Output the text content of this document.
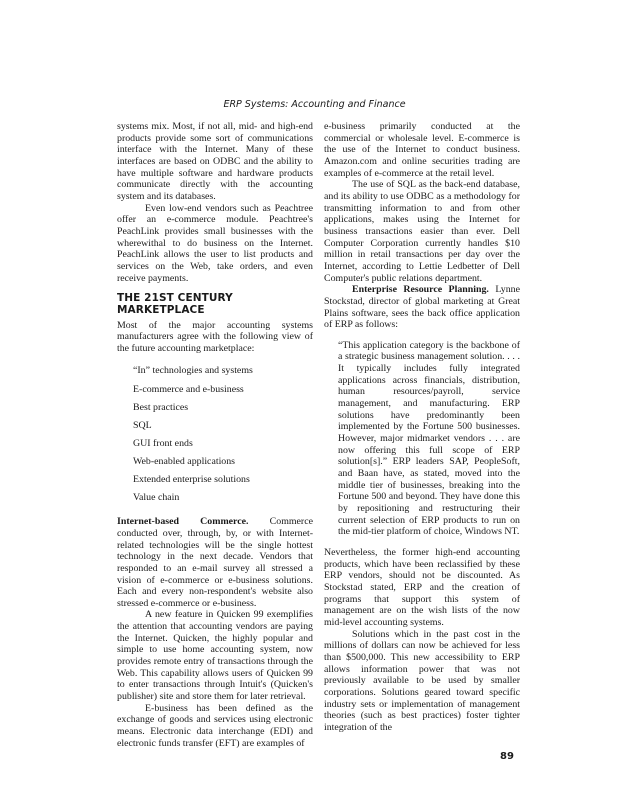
ERP Systems: Accounting and Finance

systems mix. Most, if not all, mid- and high-end products provide some sort of communications interface with the Internet. Many of these interfaces are based on ODBC and the ability to have multiple software and hardware products communicate directly with the accounting system and its databases.

Even low-end vendors such as Peachtree offer an e-commerce module. Peachtree's PeachLink provides small businesses with the wherewithal to do business on the Internet. PeachLink allows the user to list products and services on the Web, take orders, and even receive payments.

THE 21ST CENTURY MARKETPLACE

Most of the major accounting systems manufacturers agree with the following view of the future accounting marketplace:

“In” technologies and systems
E-commerce and e-business
Best practices
SQL
GUI front ends
Web-enabled applications
Extended enterprise solutions
Value chain

Internet-based Commerce. Commerce conducted over, through, by, or with Internet-related technologies will be the single hottest technology in the next decade. Vendors that responded to an e-mail survey all stressed a vision of e-commerce or e-business solutions. Each and every non-respondent's website also stressed e-commerce or e-business.

A new feature in Quicken 99 exemplifies the attention that accounting vendors are paying the Internet. Quicken, the highly popular and simple to use home accounting system, now provides remote entry of transactions through the Web. This capability allows users of Quicken 99 to enter transactions through Intuit's (Quicken's publisher) site and store them for later retrieval.

E-business has been defined as the exchange of goods and services using electronic means. Electronic data interchange (EDI) and electronic funds transfer (EFT) are examples of

e-business primarily conducted at the commercial or wholesale level. E-commerce is the use of the Internet to conduct business. Amazon.com and online securities trading are examples of e-commerce at the retail level.

The use of SQL as the back-end database, and its ability to use ODBC as a methodology for transmitting information to and from other applications, makes using the Internet for business transactions easier than ever. Dell Computer Corporation currently handles $10 million in retail transactions per day over the Internet, according to Lettie Ledbetter of Dell Computer's public relations department.

Enterprise Resource Planning. Lynne Stockstad, director of global marketing at Great Plains software, sees the back office application of ERP as follows:

“This application category is the backbone of a strategic business management solution. . . . It typically includes fully integrated applications across financials, distribution, human resources/payroll, service management, and manufacturing. ERP solutions have predominantly been implemented by the Fortune 500 businesses. However, major midmarket vendors . . . are now offering this full scope of ERP solution[s].” ERP leaders SAP, PeopleSoft, and Baan have, as stated, moved into the middle tier of businesses, breaking into the Fortune 500 and beyond. They have done this by repositioning and restructuring their current selection of ERP products to run on the mid-tier platform of choice, Windows NT.

Nevertheless, the former high-end accounting products, which have been reclassified by these ERP vendors, should not be discounted. As Stockstad stated, ERP and the creation of programs that support this system of management are on the wish lists of the now mid-level accounting systems.

Solutions which in the past cost in the millions of dollars can now be achieved for less than $500,000. This new accessibility to ERP allows information power that was not previously available to be used by smaller corporations. Solutions geared toward specific industry sets or implementation of management theories (such as best practices) foster tighter integration of the

89
